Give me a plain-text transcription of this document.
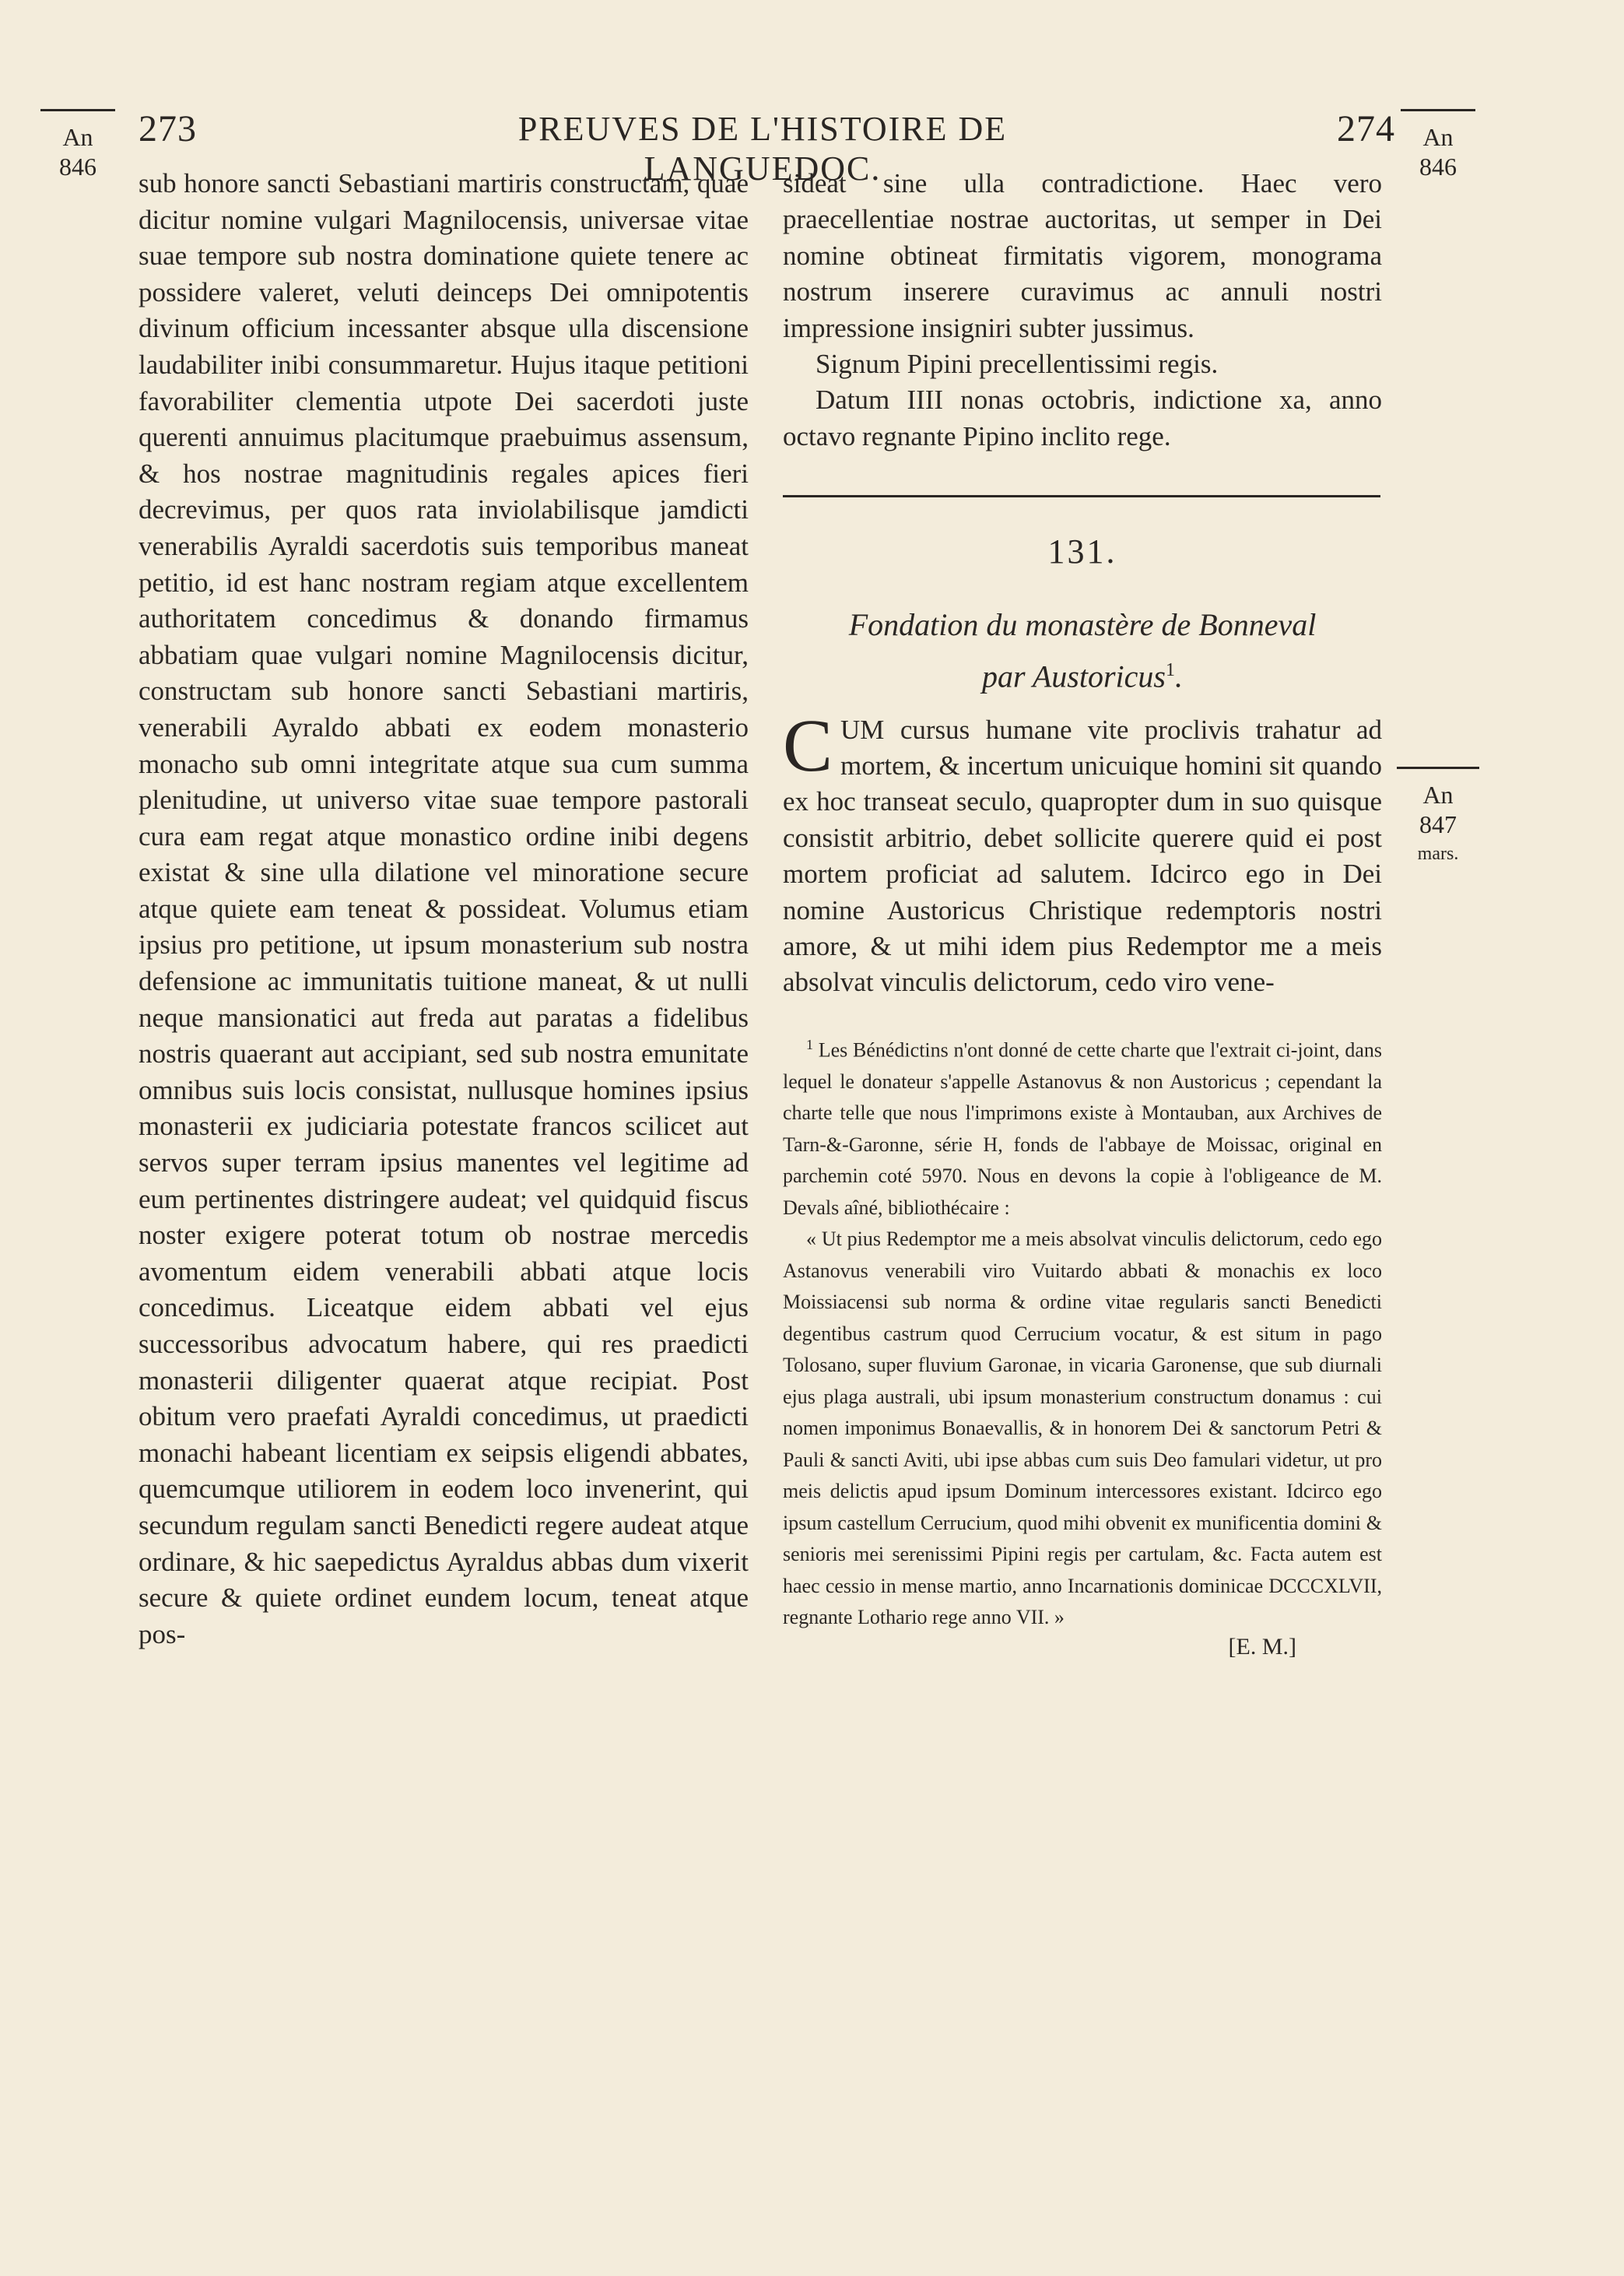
An
846
273	PREUVES DE L'HISTOIRE DE LANGUEDOC.
274	An
846
An
847
mars.

sub honore sancti Sebastiani martiris constructam, quae dicitur nomine vulgari Magnilocensis, universae vitae suae tempore sub nostra dominatione quiete tenere ac possidere valeret, veluti deinceps Dei omnipotentis divinum officium incessanter absque ulla discensione laudabiliter inibi consummaretur. Hujus itaque petitioni favorabiliter clementia utpote Dei sacerdoti juste querenti annuimus placitumque praebuimus assensum, & hos nostrae magnitudinis regales apices fieri decrevimus, per quos rata inviolabilisque jamdicti venerabilis Ayraldi sacerdotis suis temporibus maneat petitio, id est hanc nostram regiam atque excellentem authoritatem concedimus & donando firmamus abbatiam quae vulgari nomine Magnilocensis dicitur, constructam sub honore sancti Sebastiani martiris, venerabili Ayraldo abbati ex eodem monasterio monacho sub omni integritate atque sua cum summa plenitudine, ut universo vitae suae tempore pastorali cura eam regat atque monastico ordine inibi degens existat & sine ulla dilatione vel minoratione secure atque quiete eam teneat & possideat. Volumus etiam ipsius pro petitione, ut ipsum monasterium sub nostra defensione ac immunitatis tuitione maneat, & ut nulli neque mansionatici aut freda aut paratas a fidelibus nostris quaerant aut accipiant, sed sub nostra emunitate omnibus suis locis consistat, nullusque homines ipsius monasterii ex judiciaria potestate francos scilicet aut servos super terram ipsius manentes vel legitime ad eum pertinentes distringere audeat; vel quidquid fiscus noster exigere poterat totum ob nostrae mercedis avomentum eidem venerabili abbati atque locis concedimus. Liceatque eidem abbati vel ejus successoribus advocatum habere, qui res praedicti monasterii diligenter quaerat atque recipiat. Post obitum vero praefati Ayraldi concedimus, ut praedicti monachi habeant licentiam ex seipsis eligendi abbates, quemcumque utiliorem in eodem loco invenerint, qui secundum regulam sancti Benedicti regere audeat atque ordinare, & hic saepedictus Ayraldus abbas dum vixerit secure & quiete ordinet eundem locum, teneat atque pos-

sideat sine ulla contradictione. Haec vero praecellentiae nostrae auctoritas, ut semper in Dei nomine obtineat firmitatis vigorem, monograma nostrum inserere curavimus ac annuli nostri impressione insigniri subter jussimus.

Signum Pipini precellentissimi regis.

Datum IIII nonas octobris, indictione xa, anno octavo regnante Pipino inclito rege.

131.

Fondation du monastère de Bonneval
par Austoricus$^1$.

CUM cursus humane vite proclivis trahatur ad mortem, & incertum unicuique homini sit quando ex hoc transeat seculo, quapropter dum in suo quisque consistit arbitrio, debet sollicite querere quid ei post mortem proficiat ad salutem. Idcirco ego in Dei nomine Austoricus Christique redemptoris nostri amore, & ut mihi idem pius Redemptor me a meis absolvat vinculis delictorum, cedo viro vene-

$^1$ Les Bénédictins n'ont donné de cette charte que l'extrait ci-joint, dans lequel le donateur s'appelle Astanovus & non Austoricus ; cependant la charte telle que nous l'imprimons existe à Montauban, aux Archives de Tarn-&-Garonne, série H, fonds de l'abbaye de Moissac, original en parchemin coté 5970. Nous en devons la copie à l'obligeance de M. Devals aîné, bibliothécaire :

« Ut pius Redemptor me a meis absolvat vinculis delictorum, cedo ego Astanovus venerabili viro Vuitardo abbati & monachis ex loco Moissiacensi sub norma & ordine vitae regularis sancti Benedicti degentibus castrum quod Cerrucium vocatur, & est situm in pago Tolosano, super fluvium Garonae, in vicaria Garonense, que sub diurnali ejus plaga australi, ubi ipsum monasterium constructum donamus : cui nomen imponimus Bonaevallis, & in honorem Dei & sanctorum Petri & Pauli & sancti Aviti, ubi ipse abbas cum suis Deo famulari videtur, ut pro meis delictis apud ipsum Dominum intercessores existant. Idcirco ego ipsum castellum Cerrucium, quod mihi obvenit ex munificentia domini & senioris mei serenissimi Pipini regis per cartulam, &c. Facta autem est haec cessio in mense martio, anno Incarnationis dominicae DCCCXLVII, regnante Lothario rege anno VII. »

[E. M.]
